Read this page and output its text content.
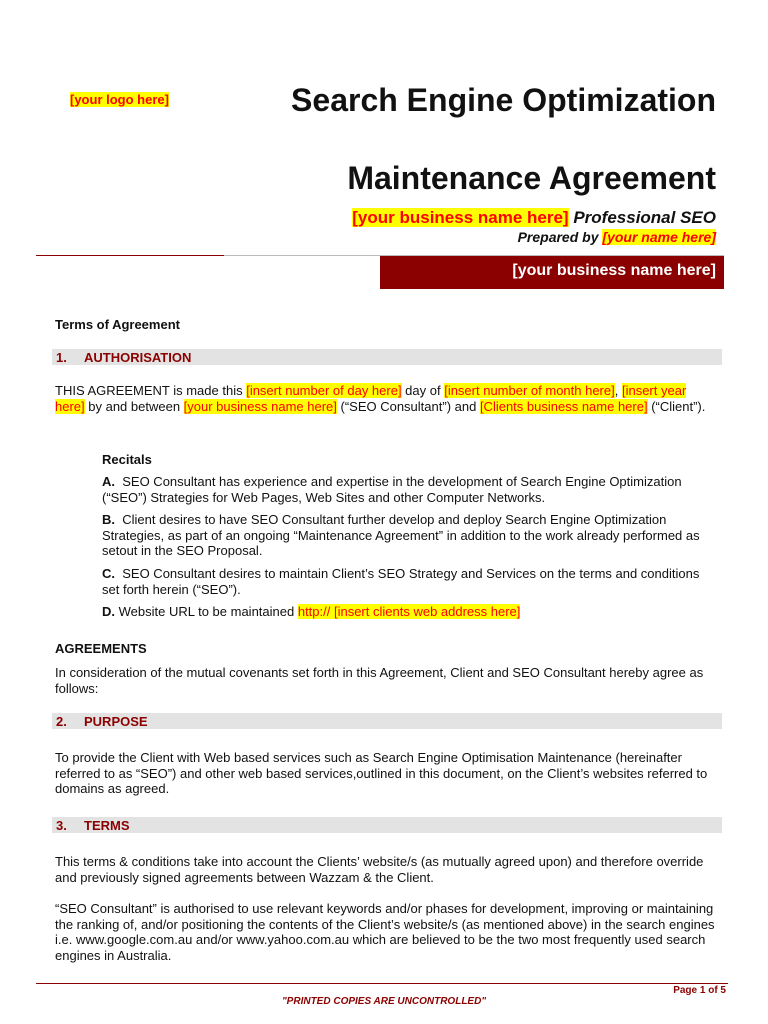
[your logo here]	Search Engine Optimization
Maintenance Agreement
[your business name here] Professional SEO
Prepared by [your name here]
[your business name here]
Terms of Agreement
1. AUTHORISATION

THIS AGREEMENT is made this [insert number of day here] day of [insert number of month here], [insert year here] by and between [your business name here] (“SEO Consultant”) and [Clients business name here] (“Client”).

Recitals

A. SEO Consultant has experience and expertise in the development of Search Engine Optimization (“SEO”) Strategies for Web Pages, Web Sites and other Computer Networks.

B. Client desires to have SEO Consultant further develop and deploy Search Engine Optimization Strategies, as part of an ongoing “Maintenance Agreement” in addition to the work already performed as setout in the SEO Proposal.

C. SEO Consultant desires to maintain Client’s SEO Strategy and Services on the terms and conditions set forth herein (“SEO”).

D. Website URL to be maintained http:// [insert clients web address here]

AGREEMENTS

In consideration of the mutual covenants set forth in this Agreement, Client and SEO Consultant hereby agree as follows:

2. PURPOSE

To provide the Client with Web based services such as Search Engine Optimisation Maintenance (hereinafter referred to as “SEO”) and other web based services,outlined in this document, on the Client’s websites referred to domains as agreed.

3. TERMS

This terms & conditions take into account the Clients’ website/s (as mutually agreed upon) and therefore override and previously signed agreements between Wazzam & the Client.

“SEO Consultant” is authorised to use relevant keywords and/or phases for development, improving or maintaining the ranking of, and/or positioning the contents of the Client’s website/s (as mentioned above) in the search engines i.e. www.google.com.au and/or www.yahoo.com.au which are believed to be the two most frequently used search engines in Australia.

Page 1 of 5
"PRINTED COPIES ARE UNCONTROLLED"
